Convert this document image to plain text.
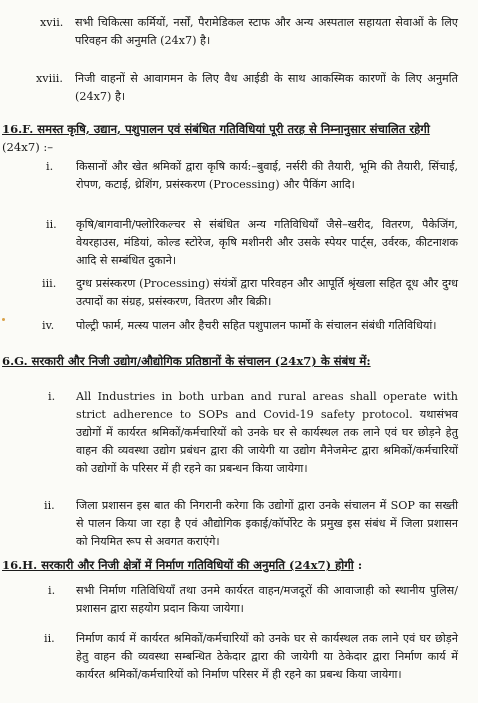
xvii.	सभी चिकित्सा कर्मियों, नर्सों, पैरामेडिकल स्टाफ और अन्य अस्पताल सहायता सेवाओं के लिए परिवहन की अनुमति (24x7) है।
xviii.	निजी वाहनों से आवागमन के लिए वैध आईडी के साथ आकस्मिक कारणों के लिए अनुमति (24x7) है।
16.F. समस्त कृषि, उद्यान, पशुपालन एवं संबंधित गतिविधियां पूरी तरह से निम्नानुसार संचालित रहेगी (24x7) :–
i.	किसानों और खेत श्रमिकों द्वारा कृषि कार्य:–बुवाई, नर्सरी की तैयारी, भूमि की तैयारी, सिंचाई, रोपण, कटाई, थ्रेशिंग, प्रसंस्करण (Processing) और पैकिंग आदि।
ii.	कृषि/बागवानी/फ्लोरिकल्चर से संबंधित अन्य गतिविधियाँ जैसे–खरीद, वितरण, पैकेजिंग, वेयरहाउस, मंडियां, कोल्ड स्टोरेज, कृषि मशीनरी और उसके स्पेयर पार्ट्स, उर्वरक, कीटनाशक आदि से सम्बंधित दुकाने।
iii.	दुग्ध प्रसंस्करण (Processing) संयंत्रों द्वारा परिवहन और आपूर्ति श्रृंखला सहित दूध और दुग्ध उत्पादों का संग्रह, प्रसंस्करण, वितरण और बिक्री।
iv.	पोल्ट्री फार्म, मत्स्य पालन और हैचरी सहित पशुपालन फार्मो के संचालन संबंधी गतिविधियां।
6.G. सरकारी और निजी उद्योग/औद्योगिक प्रतिष्ठानों के संचालन (24x7) के संबंध में:
i.	All Industries in both urban and rural areas shall operate with strict adherence to SOPs and Covid-19 safety protocol. यथासंभव उद्योगों में कार्यरत श्रमिकों/कर्मचारियों को उनके घर से कार्यस्थल तक लाने एवं घर छोड़ने हेतु वाहन की व्यवस्था उद्योग प्रबंधन द्वारा की जायेगी या उद्योग मैनेजमेन्ट द्वारा श्रमिकों/कर्मचारियों को उद्योगों के परिसर में ही रहने का प्रबन्धन किया जायेगा।
ii.	जिला प्रशासन इस बात की निगरानी करेगा कि उद्योगों द्वारा उनके संचालन में SOP का सख्ती से पालन किया जा रहा है एवं औद्योगिक इकाई/कॉर्पोरेट के प्रमुख इस संबंध में जिला प्रशासन को नियमित रूप से अवगत कराएंगे।
16.H. सरकारी और निजी क्षेत्रों में निर्माण गतिविधियों की अनुमति (24x7) होगी :
i.	सभी निर्माण गतिविधियाँ तथा उनमे कार्यरत वाहन/मजदूरों की आवाजाही को स्थानीय पुलिस/प्रशासन द्वारा सहयोग प्रदान किया जायेगा।
ii.	निर्माण कार्य में कार्यरत श्रमिकों/कर्मचारियों को उनके घर से कार्यस्थल तक लाने एवं घर छोड़ने हेतु वाहन की व्यवस्था सम्बन्धित ठेकेदार द्वारा की जायेगी या ठेकेदार द्वारा निर्माण कार्य में कार्यरत श्रमिकों/कर्मचारियों को निर्माण परिसर में ही रहने का प्रबन्ध किया जायेगा।
